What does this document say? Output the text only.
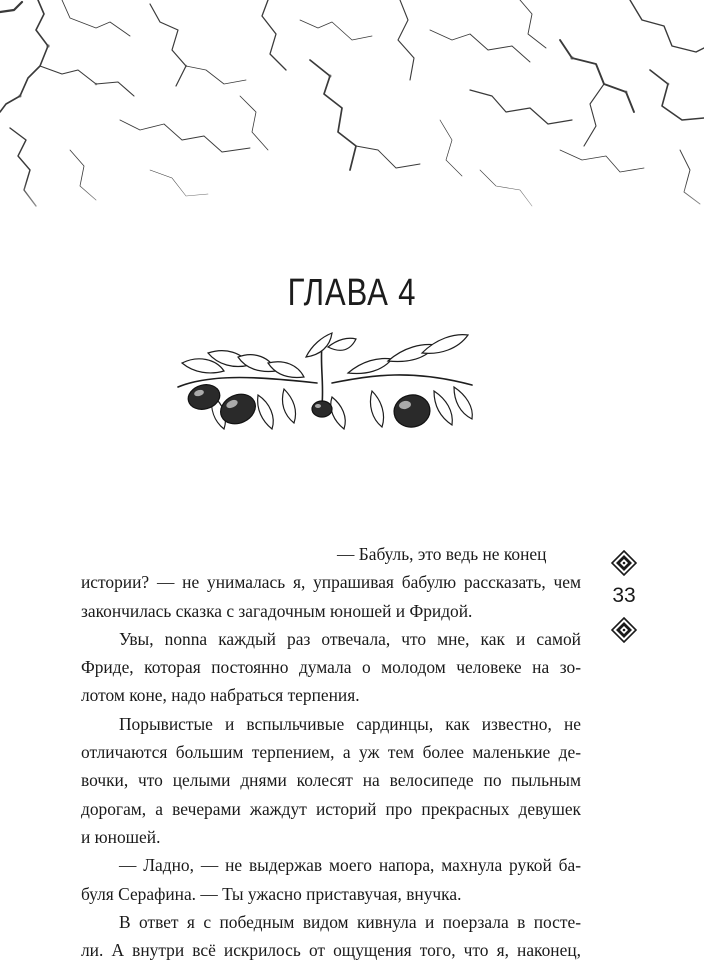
ГЛАВА 4
33
— Бабуль, это ведь не конец
истории? — не унималась я, упрашивая бабулю рассказать, чем
закончилась сказка с загадочным юношей и Фридой.
Увы, nonna каждый раз отвечала, что мне, как и самой
Фриде, которая постоянно думала о молодом человеке на зо-
лотом коне, надо набраться терпения.
Порывистые и вспыльчивые сардинцы, как известно, не
отличаются большим терпением, а уж тем более маленькие де-
вочки, что целыми днями колесят на велосипеде по пыльным
дорогам, а вечерами жаждут историй про прекрасных девушек
и юношей.
— Ладно, — не выдержав моего напора, махнула рукой ба-
буля Серафина. — Ты ужасно приставучая, внучка.
В ответ я с победным видом кивнула и поерзала в посте-
ли. А внутри всё искрилось от ощущения того, что я, наконец,
